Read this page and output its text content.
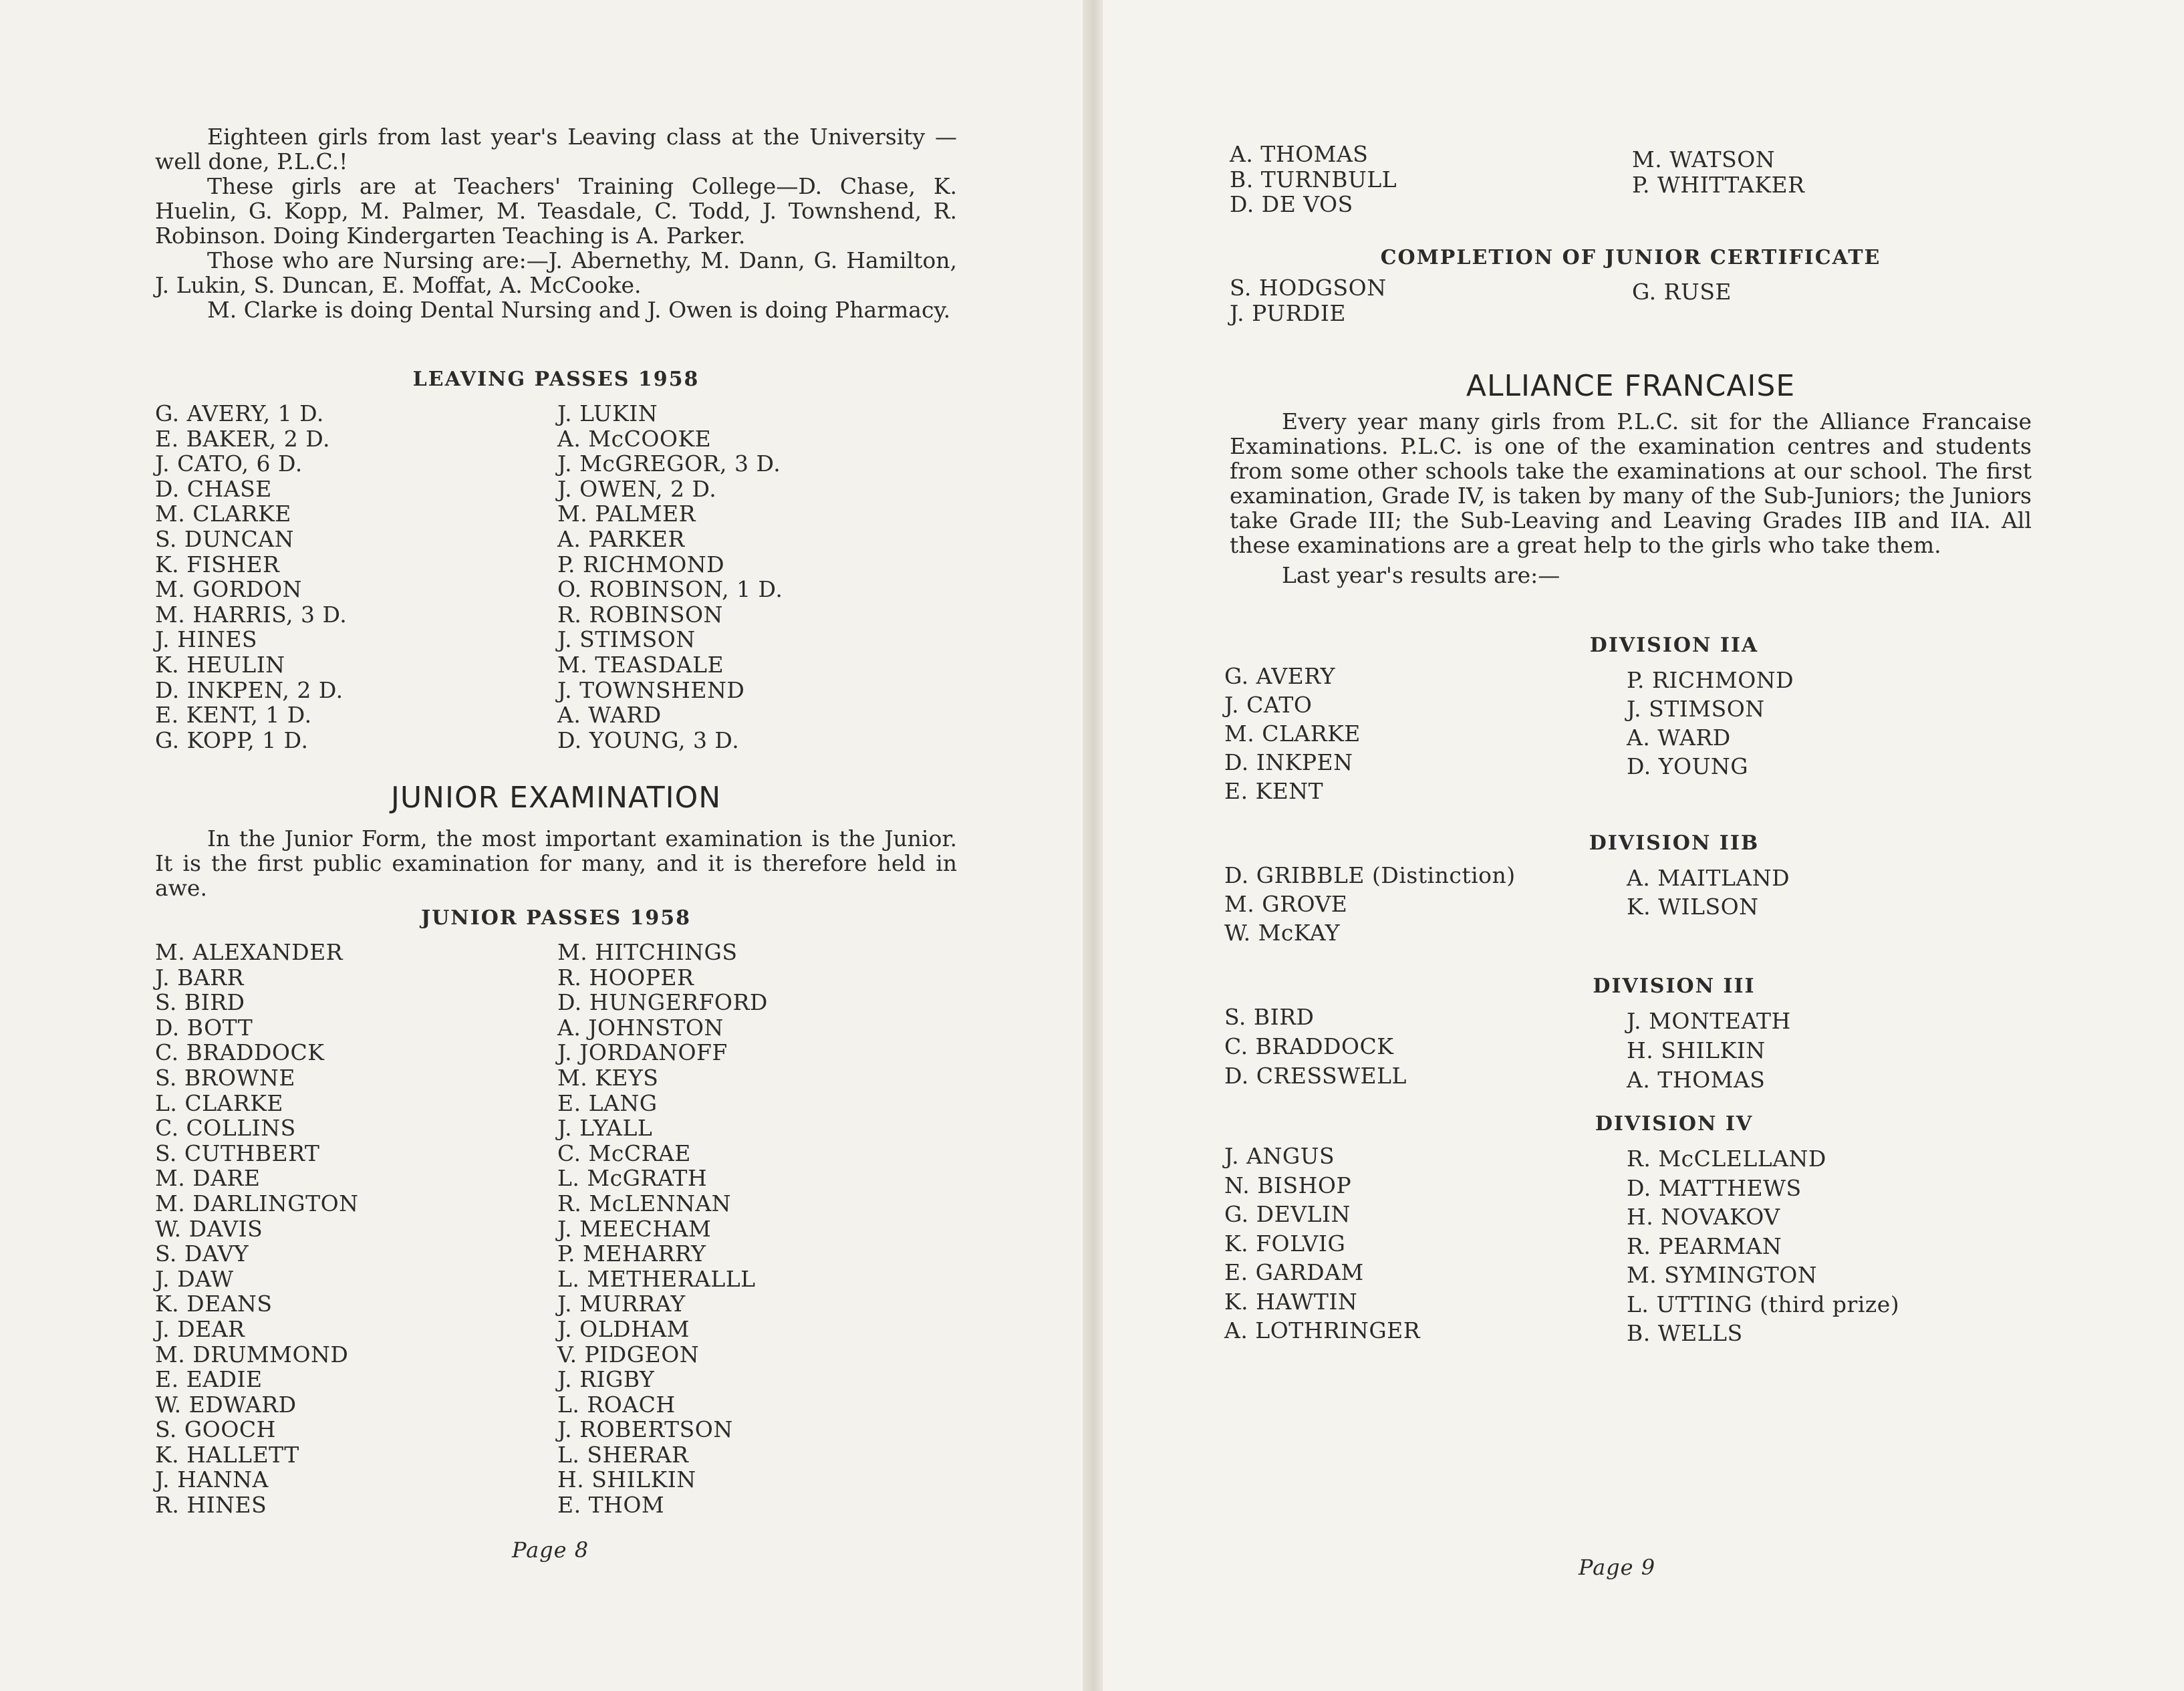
Eighteen girls from last year's Leaving class at the University —well done, P.L.C.!

These girls are at Teachers' Training College—D. Chase, K. Huelin, G. Kopp, M. Palmer, M. Teasdale, C. Todd, J. Townshend, R. Robinson. Doing Kindergarten Teaching is A. Parker.

Those who are Nursing are:—J. Abernethy, M. Dann, G. Hamilton, J. Lukin, S. Duncan, E. Moffat, A. McCooke.

M. Clarke is doing Dental Nursing and J. Owen is doing Pharmacy.

LEAVING PASSES 1958
G. AVERY, 1 D.
E. BAKER, 2 D.
J. CATO, 6 D.
D. CHASE
M. CLARKE
S. DUNCAN
K. FISHER
M. GORDON
M. HARRIS, 3 D.
J. HINES
K. HEULIN
D. INKPEN, 2 D.
E. KENT, 1 D.
G. KOPP, 1 D.
J. LUKIN
A. McCOOKE
J. McGREGOR, 3 D.
J. OWEN, 2 D.
M. PALMER
A. PARKER
P. RICHMOND
O. ROBINSON, 1 D.
R. ROBINSON
J. STIMSON
M. TEASDALE
J. TOWNSHEND
A. WARD
D. YOUNG, 3 D.
JUNIOR EXAMINATION

In the Junior Form, the most important examination is the Junior. It is the first public examination for many, and it is therefore held in awe.

JUNIOR PASSES 1958
M. ALEXANDER
J. BARR
S. BIRD
D. BOTT
C. BRADDOCK
S. BROWNE
L. CLARKE
C. COLLINS
S. CUTHBERT
M. DARE
M. DARLINGTON
W. DAVIS
S. DAVY
J. DAW
K. DEANS
J. DEAR
M. DRUMMOND
E. EADIE
W. EDWARD
S. GOOCH
K. HALLETT
J. HANNA
R. HINES
M. HITCHINGS
R. HOOPER
D. HUNGERFORD
A. JOHNSTON
J. JORDANOFF
M. KEYS
E. LANG
J. LYALL
C. McCRAE
L. McGRATH
R. McLENNAN
J. MEECHAM
P. MEHARRY
L. METHERALLL
J. MURRAY
J. OLDHAM
V. PIDGEON
J. RIGBY
L. ROACH
J. ROBERTSON
L. SHERAR
H. SHILKIN
E. THOM
Page 8
A. THOMAS
B. TURNBULL
D. DE VOS
M. WATSON
P. WHITTAKER
COMPLETION OF JUNIOR CERTIFICATE
S. HODGSON
J. PURDIE
G. RUSE
ALLIANCE FRANCAISE

Every year many girls from P.L.C. sit for the Alliance Francaise Examinations. P.L.C. is one of the examination centres and students from some other schools take the examinations at our school. The first examination, Grade IV, is taken by many of the Sub-Juniors; the Juniors take Grade III; the Sub-Leaving and Leaving Grades IIB and IIA. All these examinations are a great help to the girls who take them.

Last year's results are:—

DIVISION IIA
G. AVERY
J. CATO
M. CLARKE
D. INKPEN
E. KENT
P. RICHMOND
J. STIMSON
A. WARD
D. YOUNG
DIVISION IIB
D. GRIBBLE (Distinction)
M. GROVE
W. McKAY
A. MAITLAND
K. WILSON
DIVISION III
S. BIRD
C. BRADDOCK
D. CRESSWELL
J. MONTEATH
H. SHILKIN
A. THOMAS
DIVISION IV
J. ANGUS
N. BISHOP
G. DEVLIN
K. FOLVIG
E. GARDAM
K. HAWTIN
A. LOTHRINGER
R. McCLELLAND
D. MATTHEWS
H. NOVAKOV
R. PEARMAN
M. SYMINGTON
L. UTTING (third prize)
B. WELLS
Page 9
